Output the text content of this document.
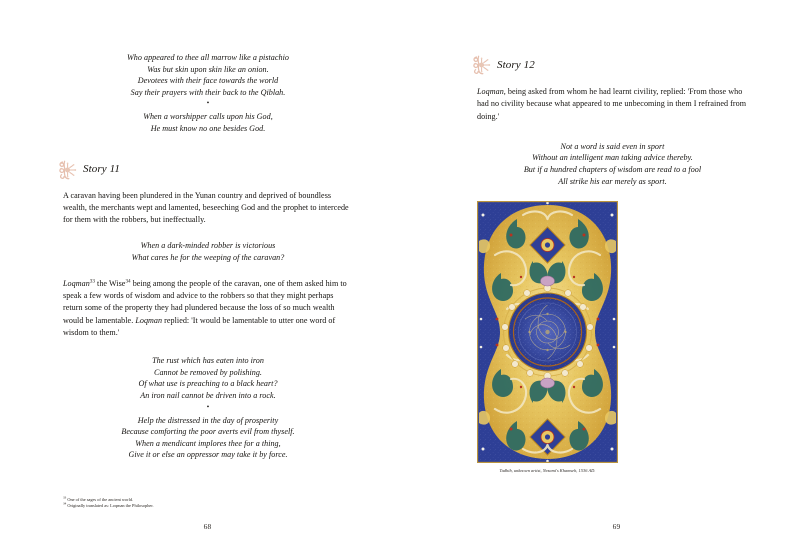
Who appeared to thee all marrow like a pistachio
Was but skin upon skin like an onion.
Devotees with their face towards the world
Say their prayers with their back to the Qiblah.
•
When a worshipper calls upon his God,
He must know no one besides God.
Story 11

A caravan having been plundered in the Yunan country and deprived of boundless wealth, the merchants wept and lamented, beseeching God and the prophet to intercede for them with the robbers, but ineffectually.

When a dark-minded robber is victorious
What cares he for the weeping of the caravan?

Loqman$^{33}$ the Wise$^{34}$ being among the people of the caravan, one of them asked him to speak a few words of wisdom and advice to the robbers so that they might perhaps return some of the property they had plundered because the loss of so much wealth would be lamentable. Loqman replied: 'It would be lamentable to utter one word of wisdom to them.'

The rust which has eaten into iron
Cannot be removed by polishing.
Of what use is preaching to a black heart?
An iron nail cannot be driven into a rock.
•
Help the distressed in the day of prosperity
Because comforting the poor averts evil from thyself.
When a mendicant implores thee for a thing,
Give it or else an oppressor may take it by force.

$^{33}$ One of the sages of the ancient world.

$^{34}$ Originally translated as: Loqman the Philosopher.

68
Story 12

Loqman, being asked from whom he had learnt civility, replied: 'From those who had no civility because what appeared to me unbecoming in them I refrained from doing.'

Not a word is said even in sport
Without an intelligent man taking advice thereby.
But if a hundred chapters of wisdom are read to a fool
All strike his ear merely as sport.
Tadhib, unknown artist, Nezami's Khamseh, 1536 AD.
69
